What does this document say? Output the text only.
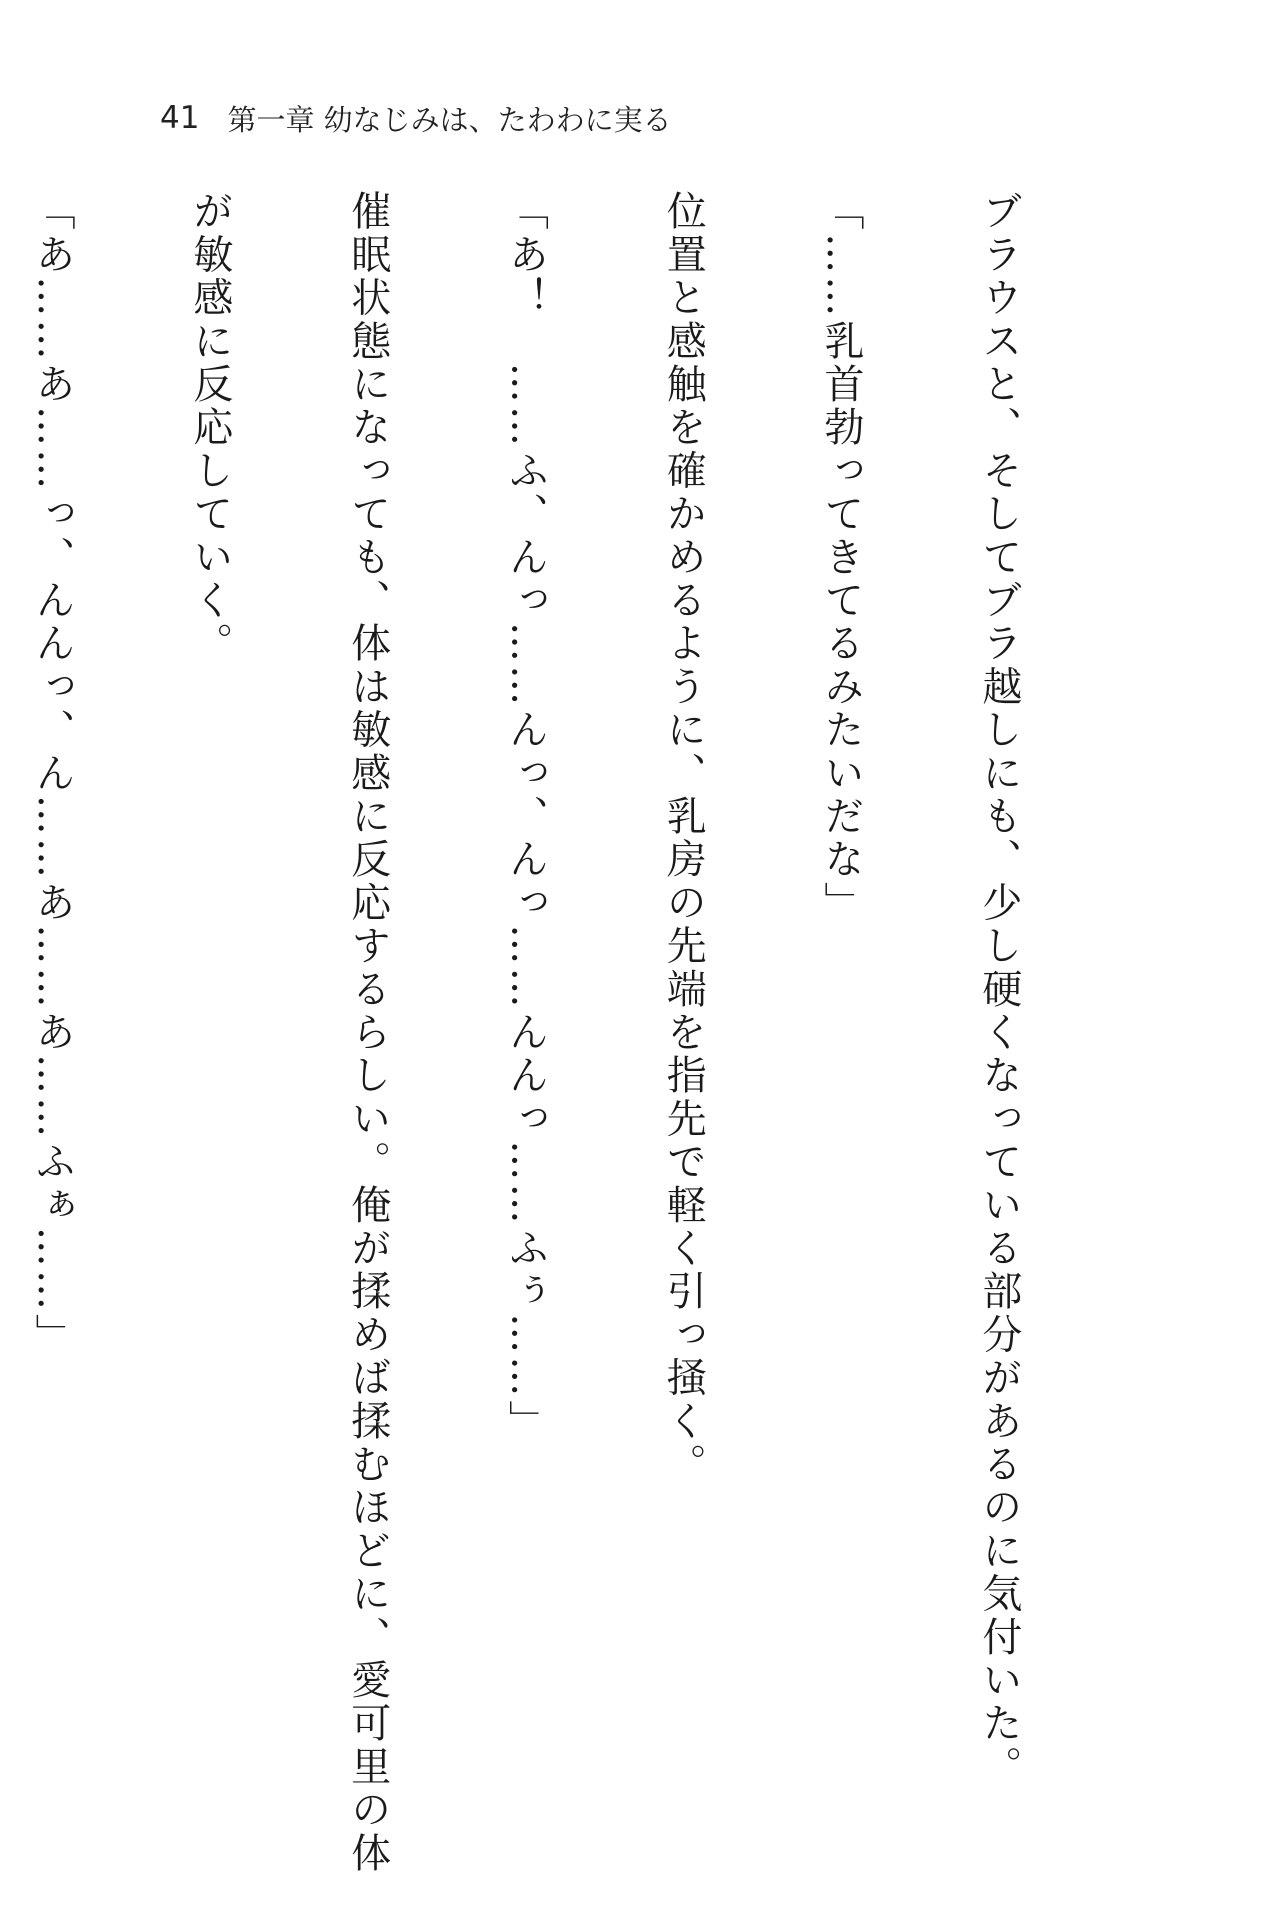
41 第一章 幼なじみは、たわわに実る

ブラウスと、そしてブラ越しにも、少し硬くなっている部分があるのに気付いた。

「……乳首勃ってきてるみたいだな」

位置と感触を確かめるように、乳房の先端を指先で軽く引っ掻く。

「あ！　……ふ、んっ……んっ、んっ……んんっ……ふぅ……」

催眠状態になっても、体は敏感に反応するらしい。俺が揉めば揉むほどに、愛可里の体

が敏感に反応していく。

「あ……あ……っ、んんっ、ん……あ……あ……ふぁ……」
